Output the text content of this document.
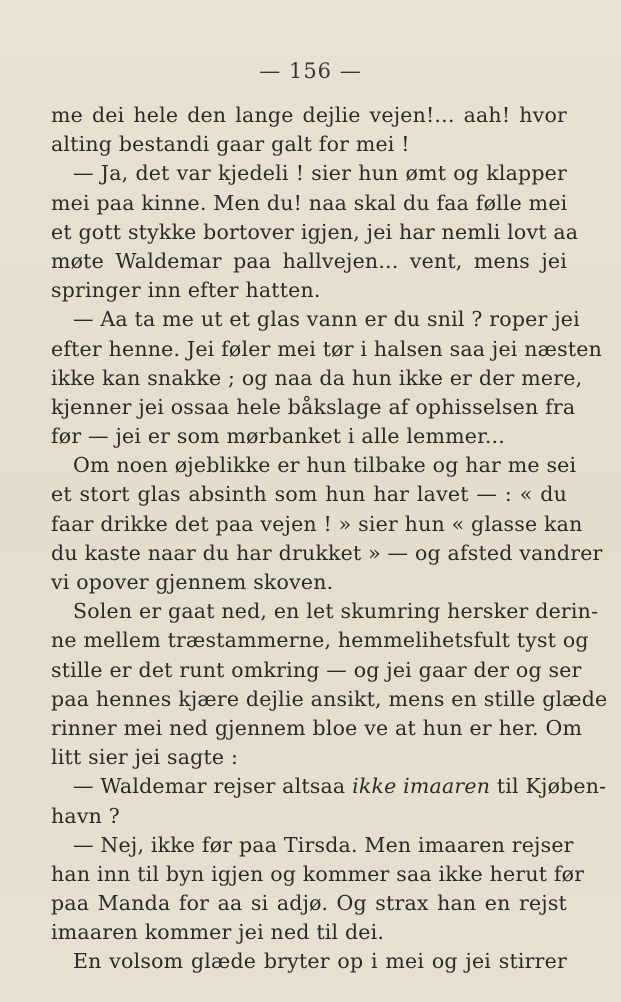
— 156 —
me dei hele den lange dejlie vejen!... aah! hvor
alting bestandi gaar galt for mei !
— Ja, det var kjedeli ! sier hun ømt og klapper
mei paa kinne. Men du! naa skal du faa følle mei
et gott stykke bortover igjen, jei har nemli lovt aa
møte Waldemar paa hallvejen... vent, mens jei
springer inn efter hatten.
— Aa ta me ut et glas vann er du snil ? roper jei
efter henne. Jei føler mei tør i halsen saa jei næsten
ikke kan snakke ; og naa da hun ikke er der mere,
kjenner jei ossaa hele båkslage af ophisselsen fra
før — jei er som mørbanket i alle lemmer...
Om noen øjeblikke er hun tilbake og har me sei
et stort glas absinth som hun har lavet — : « du
faar drikke det paa vejen ! » sier hun « glasse kan
du kaste naar du har drukket » — og afsted vandrer
vi opover gjennem skoven.
Solen er gaat ned, en let skumring hersker derin-
ne mellem træstammerne, hemmelihetsfult tyst og
stille er det runt omkring — og jei gaar der og ser
paa hennes kjære dejlie ansikt, mens en stille glæde
rinner mei ned gjennem bloe ve at hun er her. Om
litt sier jei sagte :
— Waldemar rejser altsaa ikke imaaren til Kjøben-
havn ?
— Nej, ikke før paa Tirsda. Men imaaren rejser
han inn til byn igjen og kommer saa ikke herut før
paa Manda for aa si adjø. Og strax han en rejst
imaaren kommer jei ned til dei.
En volsom glæde bryter op i mei og jei stirrer
